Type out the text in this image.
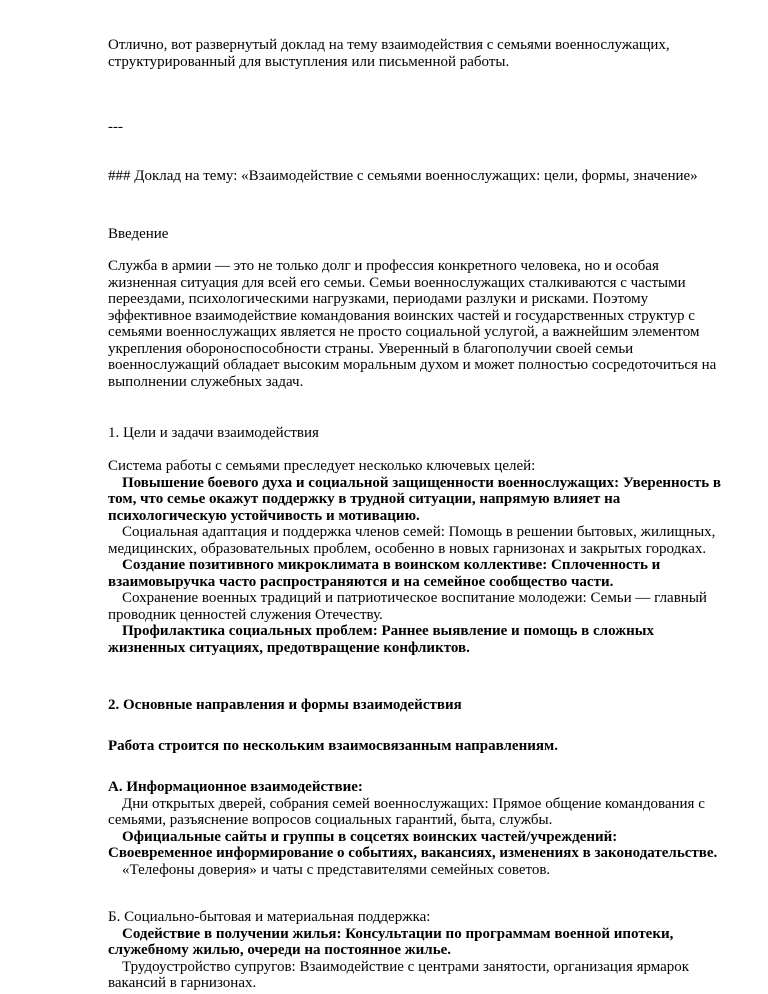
Отлично, вот развернутый доклад на тему взаимодействия с семьями военнослужащих, структурированный для выступления или письменной работы.

---

### Доклад на тему: «Взаимодействие с семьями военнослужащих: цели, формы, значение»

Введение

Служба в армии — это не только долг и профессия конкретного человека, но и особая жизненная ситуация для всей его семьи. Семьи военнослужащих сталкиваются с частыми переездами, психологическими нагрузками, периодами разлуки и рисками. Поэтому эффективное взаимодействие командования воинских частей и государственных структур с семьями военнослужащих является не просто социальной услугой, а важнейшим элементом укрепления обороноспособности страны. Уверенный в благополучии своей семьи военнослужащий обладает высоким моральным духом и может полностью сосредоточиться на выполнении служебных задач.

1. Цели и задачи взаимодействия

Система работы с семьями преследует несколько ключевых целей:
Повышение боевого духа и социальной защищенности военнослужащих: Уверенность в том, что семье окажут поддержку в трудной ситуации, напрямую влияет на психологическую устойчивость и мотивацию.
Социальная адаптация и поддержка членов семей: Помощь в решении бытовых, жилищных, медицинских, образовательных проблем, особенно в новых гарнизонах и закрытых городках.
Создание позитивного микроклимата в воинском коллективе: Сплоченность и взаимовыручка часто распространяются и на семейное сообщество части.
Сохранение военных традиций и патриотическое воспитание молодежи: Семьи — главный проводник ценностей служения Отечеству.
Профилактика социальных проблем: Раннее выявление и помощь в сложных жизненных ситуациях, предотвращение конфликтов.

2. Основные направления и формы взаимодействия

Работа строится по нескольким взаимосвязанным направлениям.

А. Информационное взаимодействие:
Дни открытых дверей, собрания семей военнослужащих: Прямое общение командования с семьями, разъяснение вопросов социальных гарантий, быта, службы.
Официальные сайты и группы в соцсетях воинских частей/учреждений: Своевременное информирование о событиях, вакансиях, изменениях в законодательстве.
«Телефоны доверия» и чаты с представителями семейных советов.
Б. Социально-бытовая и материальная поддержка:
Содействие в получении жилья: Консультации по программам военной ипотеки, служебному жилью, очереди на постоянное жилье.
Трудоустройство супругов: Взаимодействие с центрами занятости, организация ярмарок вакансий в гарнизонах.
